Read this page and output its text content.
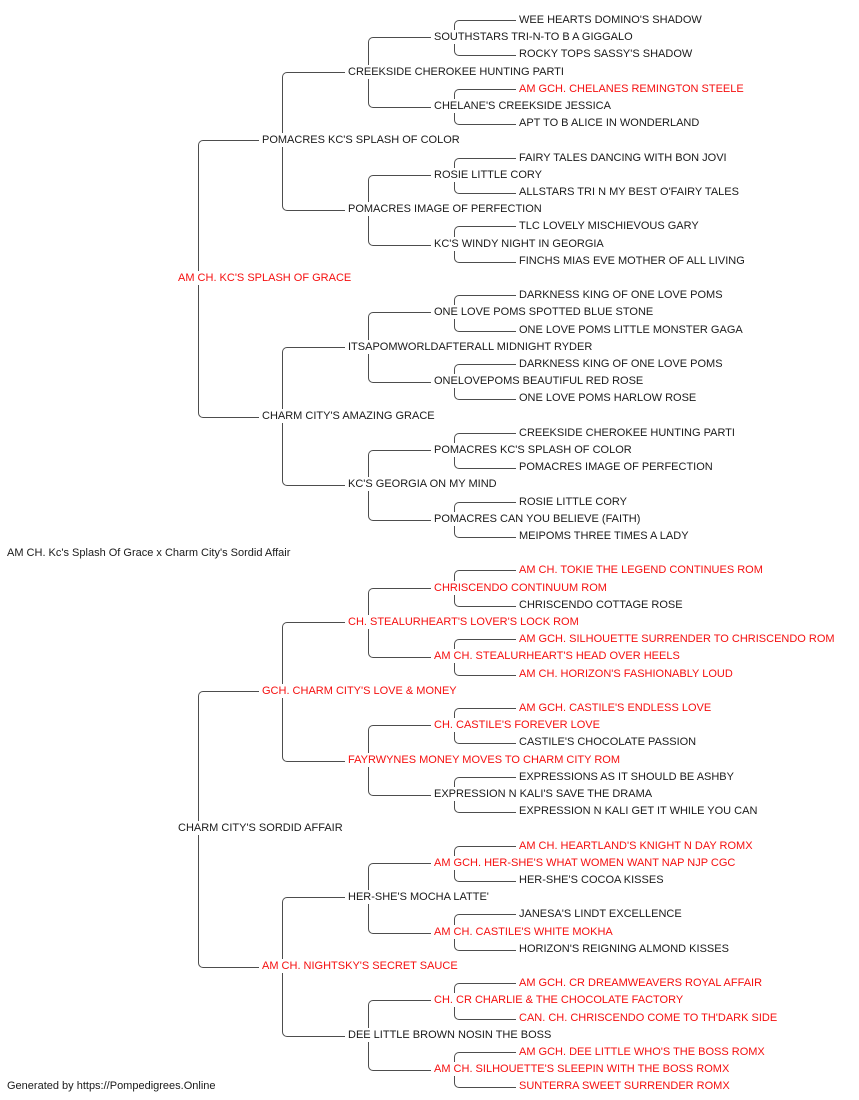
AM CH. Kc's Splash Of Grace x Charm City's Sordid Affair
Generated by https://Pompedigrees.Online
WEE HEARTS DOMINO'S SHADOW
ROCKY TOPS SASSY'S SHADOW
SOUTHSTARS TRI-N-TO B A GIGGALO
AM GCH. CHELANES REMINGTON STEELE
APT TO B ALICE IN WONDERLAND
CHELANE'S CREEKSIDE JESSICA
CREEKSIDE CHEROKEE HUNTING PARTI
FAIRY TALES DANCING WITH BON JOVI
ALLSTARS TRI N MY BEST O'FAIRY TALES
ROSIE LITTLE CORY
TLC LOVELY MISCHIEVOUS GARY
FINCHS MIAS EVE MOTHER OF ALL LIVING
KC'S WINDY NIGHT IN GEORGIA
POMACRES IMAGE OF PERFECTION
POMACRES KC'S SPLASH OF COLOR
DARKNESS KING OF ONE LOVE POMS
ONE LOVE POMS LITTLE MONSTER GAGA
ONE LOVE POMS SPOTTED BLUE STONE
DARKNESS KING OF ONE LOVE POMS
ONE LOVE POMS HARLOW ROSE
ONELOVEPOMS BEAUTIFUL RED ROSE
ITSAPOMWORLDAFTERALL MIDNIGHT RYDER
CREEKSIDE CHEROKEE HUNTING PARTI
POMACRES IMAGE OF PERFECTION
POMACRES KC'S SPLASH OF COLOR
ROSIE LITTLE CORY
MEIPOMS THREE TIMES A LADY
POMACRES CAN YOU BELIEVE (FAITH)
KC'S GEORGIA ON MY MIND
CHARM CITY'S AMAZING GRACE
AM CH. KC'S SPLASH OF GRACE
AM CH. TOKIE THE LEGEND CONTINUES ROM
CHRISCENDO COTTAGE ROSE
CHRISCENDO CONTINUUM ROM
AM GCH. SILHOUETTE SURRENDER TO CHRISCENDO ROM
AM CH. HORIZON'S FASHIONABLY LOUD
AM CH. STEALURHEART'S HEAD OVER HEELS
CH. STEALURHEART'S LOVER'S LOCK ROM
AM GCH. CASTILE'S ENDLESS LOVE
CASTILE'S CHOCOLATE PASSION
CH. CASTILE'S FOREVER LOVE
EXPRESSIONS AS IT SHOULD BE ASHBY
EXPRESSION N KALI GET IT WHILE YOU CAN
EXPRESSION N KALI'S SAVE THE DRAMA
FAYRWYNES MONEY MOVES TO CHARM CITY ROM
GCH. CHARM CITY'S LOVE & MONEY
AM CH. HEARTLAND'S KNIGHT N DAY ROMX
HER-SHE'S COCOA KISSES
AM GCH. HER-SHE'S WHAT WOMEN WANT NAP NJP CGC
JANESA'S LINDT EXCELLENCE
HORIZON'S REIGNING ALMOND KISSES
AM CH. CASTILE'S WHITE MOKHA
HER-SHE'S MOCHA LATTE'
AM GCH. CR DREAMWEAVERS ROYAL AFFAIR
CAN. CH. CHRISCENDO COME TO TH'DARK SIDE
CH. CR CHARLIE & THE CHOCOLATE FACTORY
AM GCH. DEE LITTLE WHO'S THE BOSS ROMX
SUNTERRA SWEET SURRENDER ROMX
AM CH. SILHOUETTE'S SLEEPIN WITH THE BOSS ROMX
DEE LITTLE BROWN NOSIN THE BOSS
AM CH. NIGHTSKY'S SECRET SAUCE
CHARM CITY'S SORDID AFFAIR
